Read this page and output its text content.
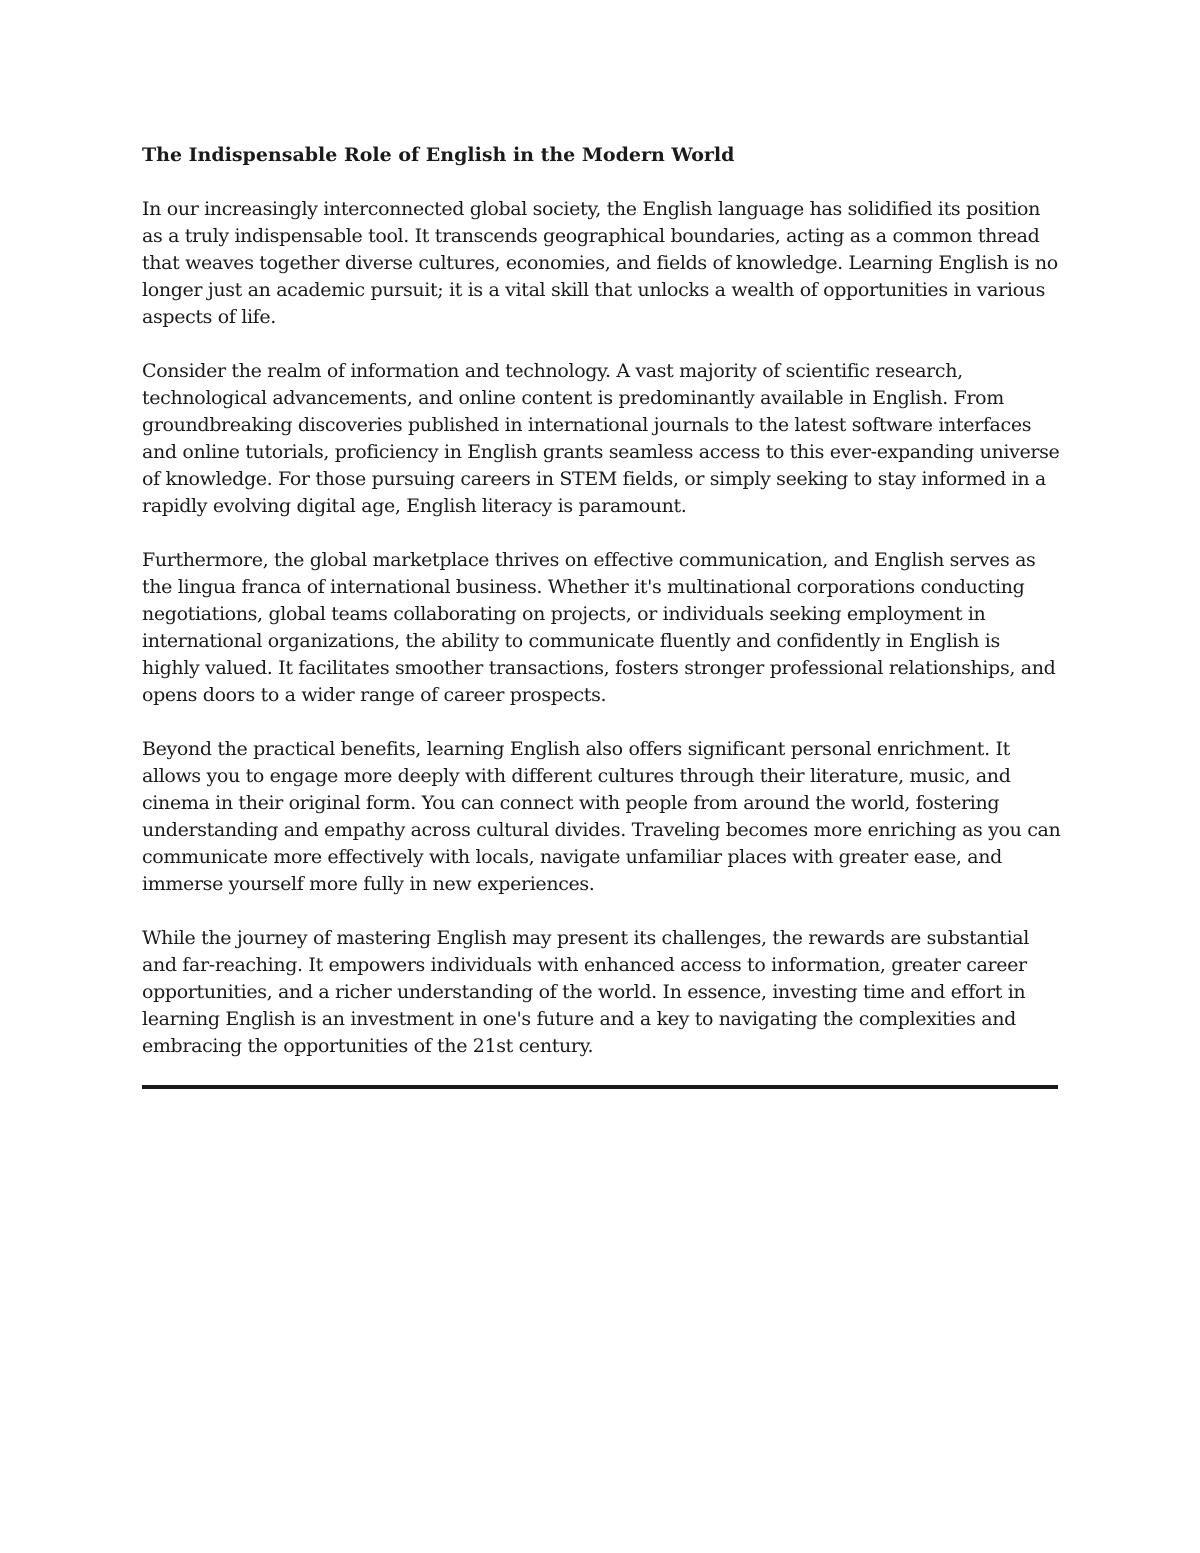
The Indispensable Role of English in the Modern World

In our increasingly interconnected global society, the English language has solidified its position as a truly indispensable tool. It transcends geographical boundaries, acting as a common thread that weaves together diverse cultures, economies, and fields of knowledge. Learning English is no longer just an academic pursuit; it is a vital skill that unlocks a wealth of opportunities in various aspects of life.

Consider the realm of information and technology. A vast majority of scientific research, technological advancements, and online content is predominantly available in English. From groundbreaking discoveries published in international journals to the latest software interfaces and online tutorials, proficiency in English grants seamless access to this ever-expanding universe of knowledge. For those pursuing careers in STEM fields, or simply seeking to stay informed in a rapidly evolving digital age, English literacy is paramount.

Furthermore, the global marketplace thrives on effective communication, and English serves as the lingua franca of international business. Whether it's multinational corporations conducting negotiations, global teams collaborating on projects, or individuals seeking employment in international organizations, the ability to communicate fluently and confidently in English is highly valued. It facilitates smoother transactions, fosters stronger professional relationships, and opens doors to a wider range of career prospects.

Beyond the practical benefits, learning English also offers significant personal enrichment. It allows you to engage more deeply with different cultures through their literature, music, and cinema in their original form. You can connect with people from around the world, fostering understanding and empathy across cultural divides. Traveling becomes more enriching as you can communicate more effectively with locals, navigate unfamiliar places with greater ease, and immerse yourself more fully in new experiences.

While the journey of mastering English may present its challenges, the rewards are substantial and far-reaching. It empowers individuals with enhanced access to information, greater career opportunities, and a richer understanding of the world. In essence, investing time and effort in learning English is an investment in one's future and a key to navigating the complexities and embracing the opportunities of the 21st century.
